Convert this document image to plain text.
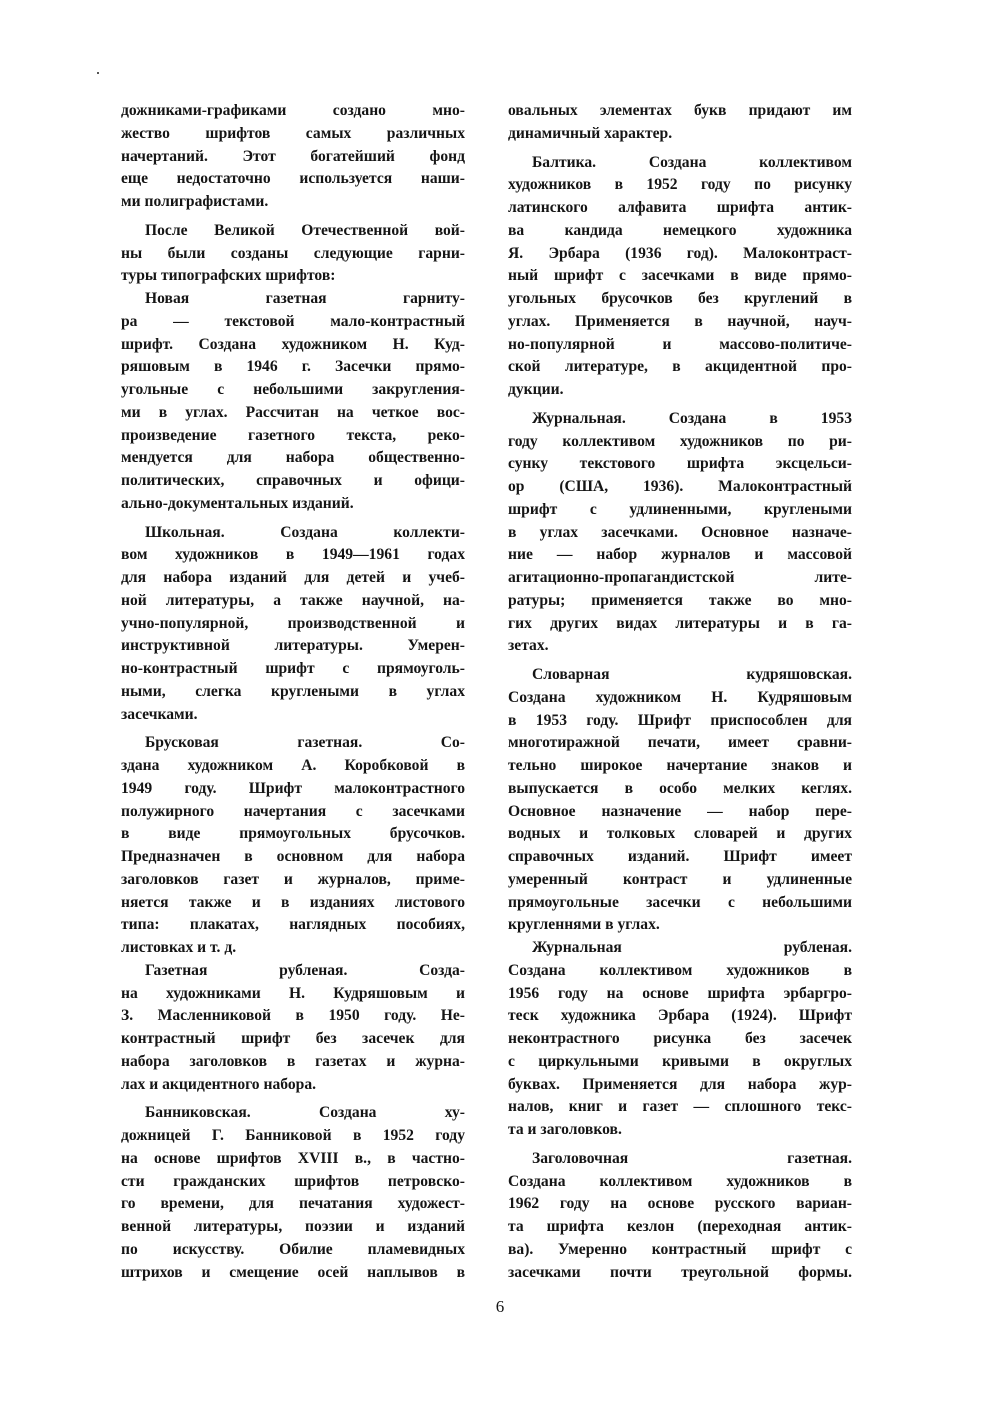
дожниками-графиками создано мно-
жество шрифтов самых различных
начертаний. Этот богатейший фонд
еще недостаточно используется наши-
ми полиграфистами.
После Великой Отечественной вой-
ны были созданы следующие гарни-
туры типографских шрифтов:
Новая газетная гарниту-
ра — текстовой мало-контрастный
шрифт. Создана художником Н. Куд-
ряшовым в 1946 г. Засечки прямо-
угольные с небольшими закругления-
ми в углах. Рассчитан на четкое вос-
произведение газетного текста, реко-
мендуется для набора общественно-
политических, справочных и офици-
ально-документальных изданий.
Школьная. Создана коллекти-
вом художников в 1949—1961 годах
для набора изданий для детей и учеб-
ной литературы, а также научной, на-
учно-популярной, производственной и
инструктивной литературы. Умерен-
но-контрастный шрифт с прямоуголь-
ными, слегка круглеными в углах
засечками.
Брусковая газетная. Со-
здана художником А. Коробковой в
1949 году. Шрифт малоконтрастного
полужирного начертания с засечками
в виде прямоугольных брусочков.
Предназначен в основном для набора
заголовков газет и журналов, приме-
няется также и в изданиях листового
типа: плакатах, наглядных пособиях,
листовках и т. д.
Газетная рубленая. Созда-
на художниками Н. Кудряшовым и
З. Масленниковой в 1950 году. Не-
контрастный шрифт без засечек для
набора заголовков в газетах и журна-
лах и акцидентного набора.
Банниковская. Создана ху-
дожницей Г. Банниковой в 1952 году
на основе шрифтов XVIII в., в частно-
сти гражданских шрифтов петровско-
го времени, для печатания художест-
венной литературы, поэзии и изданий
по искусству. Обилие пламевидных
штрихов и смещение осей наплывов в
овальных элементах букв придают им
динамичный характер.
Балтика. Создана коллективом
художников в 1952 году по рисунку
латинского алфавита шрифта антик-
ва кандида немецкого художника
Я. Эрбара (1936 год). Малоконтраст-
ный шрифт с засечками в виде прямо-
угольных брусочков без круглений в
углах. Применяется в научной, науч-
но-популярной и массово-политиче-
ской литературе, в акцидентной про-
дукции.
Журнальная. Создана в 1953
году коллективом художников по ри-
сунку текстового шрифта эксцельси-
ор (США, 1936). Малоконтрастный
шрифт с удлиненными, круглеными
в углах засечками. Основное назначе-
ние — набор журналов и массовой
агитационно-пропагандистской лите-
ратуры; применяется также во мно-
гих других видах литературы и в га-
зетах.
Словарная кудряшовская.
Создана художником Н. Кудряшовым
в 1953 году. Шрифт приспособлен для
многотиражной печати, имеет сравни-
тельно широкое начертание знаков и
выпускается в особо мелких кеглях.
Основное назначение — набор пере-
водных и толковых словарей и других
справочных изданий. Шрифт имеет
умеренный контраст и удлиненные
прямоугольные засечки с небольшими
кругленнями в углах.
Журнальная рубленая.
Создана коллективом художников в
1956 году на основе шрифта эрбаргро-
теск художника Эрбара (1924). Шрифт
неконтрастного рисунка без засечек
с циркульными кривыми в округлых
буквах. Применяется для набора жур-
налов, книг и газет — сплошного текс-
та и заголовков.
Заголовочная газетная.
Создана коллективом художников в
1962 году на основе русского вариан-
та шрифта кезлон (переходная антик-
ва). Умеренно контрастный шрифт с
засечками почти треугольной формы.
6
